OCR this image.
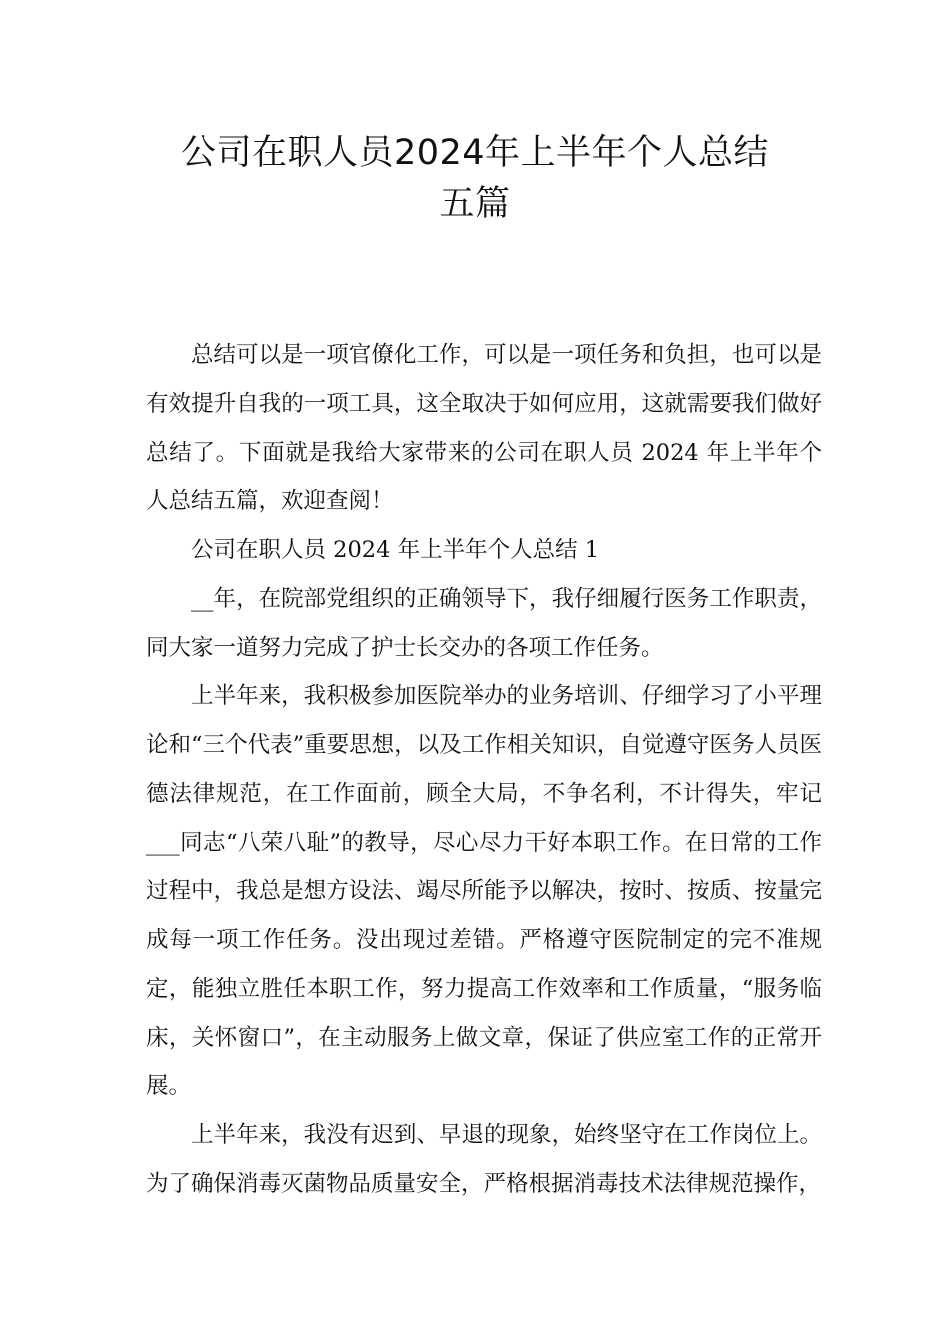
公司在职人员2024年上半年个人总结
五篇

总结可以是一项官僚化工作，可以是一项任务和负担，也可以是有效提升自我的一项工具，这全取决于如何应用，这就需要我们做好总结了。下面就是我给大家带来的公司在职人员 2024 年上半年个人总结五篇，欢迎查阅！

公司在职人员 2024 年上半年个人总结 1

__年，在院部党组织的正确领导下，我仔细履行医务工作职责，同大家一道努力完成了护士长交办的各项工作任务。

上半年来，我积极参加医院举办的业务培训、仔细学习了小平理论和“三个代表”重要思想，以及工作相关知识，自觉遵守医务人员医德法律规范，在工作面前，顾全大局，不争名利，不计得失，牢记___同志“八荣八耻”的教导，尽心尽力干好本职工作。在日常的工作过程中，我总是想方设法、竭尽所能予以解决，按时、按质、按量完成每一项工作任务。没出现过差错。严格遵守医院制定的完不准规定，能独立胜任本职工作，努力提高工作效率和工作质量，“服务临床，关怀窗口”，在主动服务上做文章，保证了供应室工作的正常开展。

上半年来，我没有迟到、早退的现象，始终坚守在工作岗位上。为了确保消毒灭菌物品质量安全，严格根据消毒技术法律规范操作，
